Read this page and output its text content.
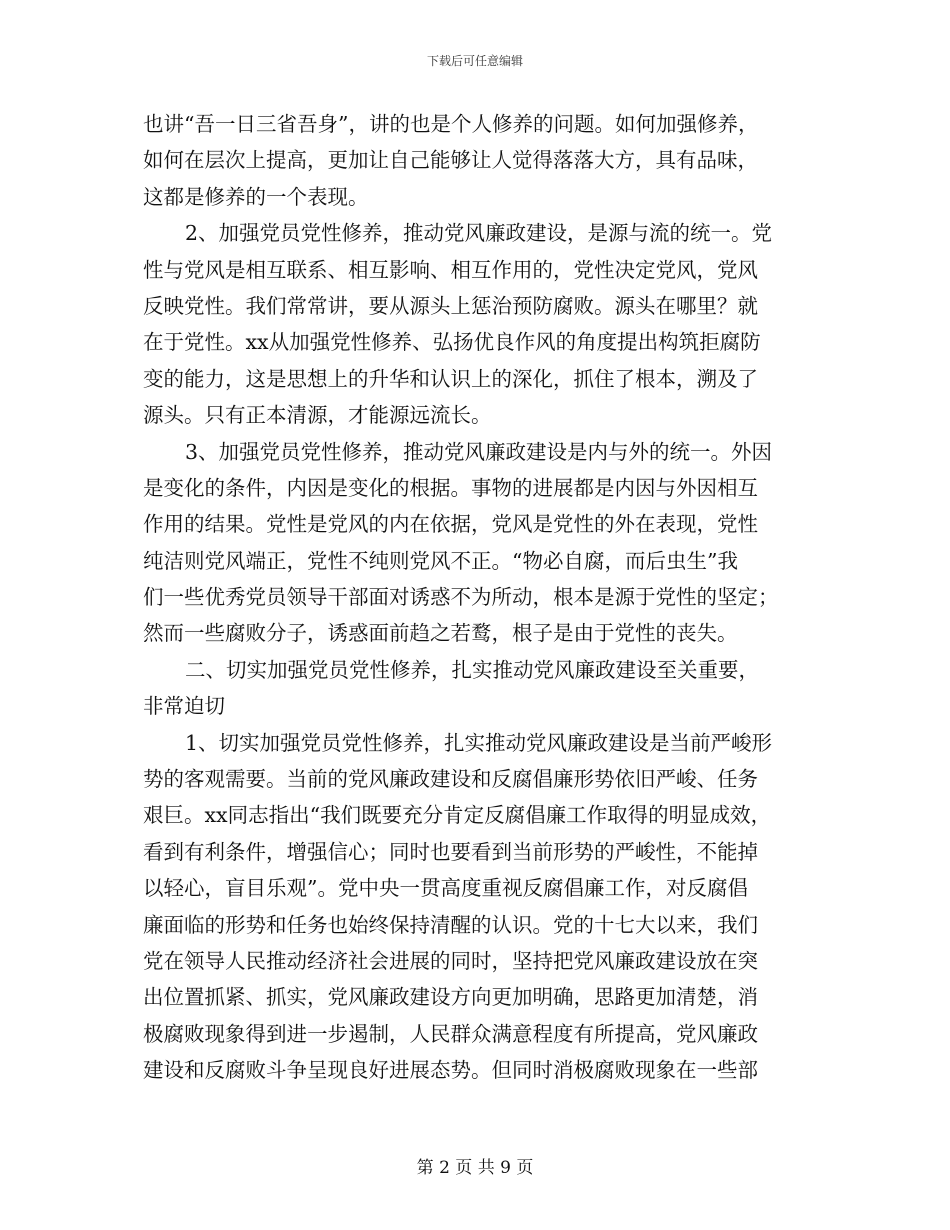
下载后可任意编辑
也讲“吾一日三省吾身”，讲的也是个人修养的问题。如何加强修养，
如何在层次上提高，更加让自己能够让人觉得落落大方，具有品味，
这都是修养的一个表现。
2、加强党员党性修养，推动党风廉政建设，是源与流的统一。党
性与党风是相互联系、相互影响、相互作用的，党性决定党风，党风
反映党性。我们常常讲，要从源头上惩治预防腐败。源头在哪里？就
在于党性。xx从加强党性修养、弘扬优良作风的角度提出构筑拒腐防
变的能力，这是思想上的升华和认识上的深化，抓住了根本，溯及了
源头。只有正本清源，才能源远流长。
3、加强党员党性修养，推动党风廉政建设是内与外的统一。外因
是变化的条件，内因是变化的根据。事物的进展都是内因与外因相互
作用的结果。党性是党风的内在依据，党风是党性的外在表现，党性
纯洁则党风端正，党性不纯则党风不正。“物必自腐，而后虫生”我
们一些优秀党员领导干部面对诱惑不为所动，根本是源于党性的坚定；
然而一些腐败分子，诱惑面前趋之若鹜，根子是由于党性的丧失。
二、切实加强党员党性修养，扎实推动党风廉政建设至关重要，
非常迫切
1、切实加强党员党性修养，扎实推动党风廉政建设是当前严峻形
势的客观需要。当前的党风廉政建设和反腐倡廉形势依旧严峻、任务
艰巨。xx同志指出“我们既要充分肯定反腐倡廉工作取得的明显成效，
看到有利条件，增强信心；同时也要看到当前形势的严峻性，不能掉
以轻心，盲目乐观”。党中央一贯高度重视反腐倡廉工作，对反腐倡
廉面临的形势和任务也始终保持清醒的认识。党的十七大以来，我们
党在领导人民推动经济社会进展的同时，坚持把党风廉政建设放在突
出位置抓紧、抓实，党风廉政建设方向更加明确，思路更加清楚，消
极腐败现象得到进一步遏制，人民群众满意程度有所提高，党风廉政
建设和反腐败斗争呈现良好进展态势。但同时消极腐败现象在一些部
第 2 页 共 9 页
